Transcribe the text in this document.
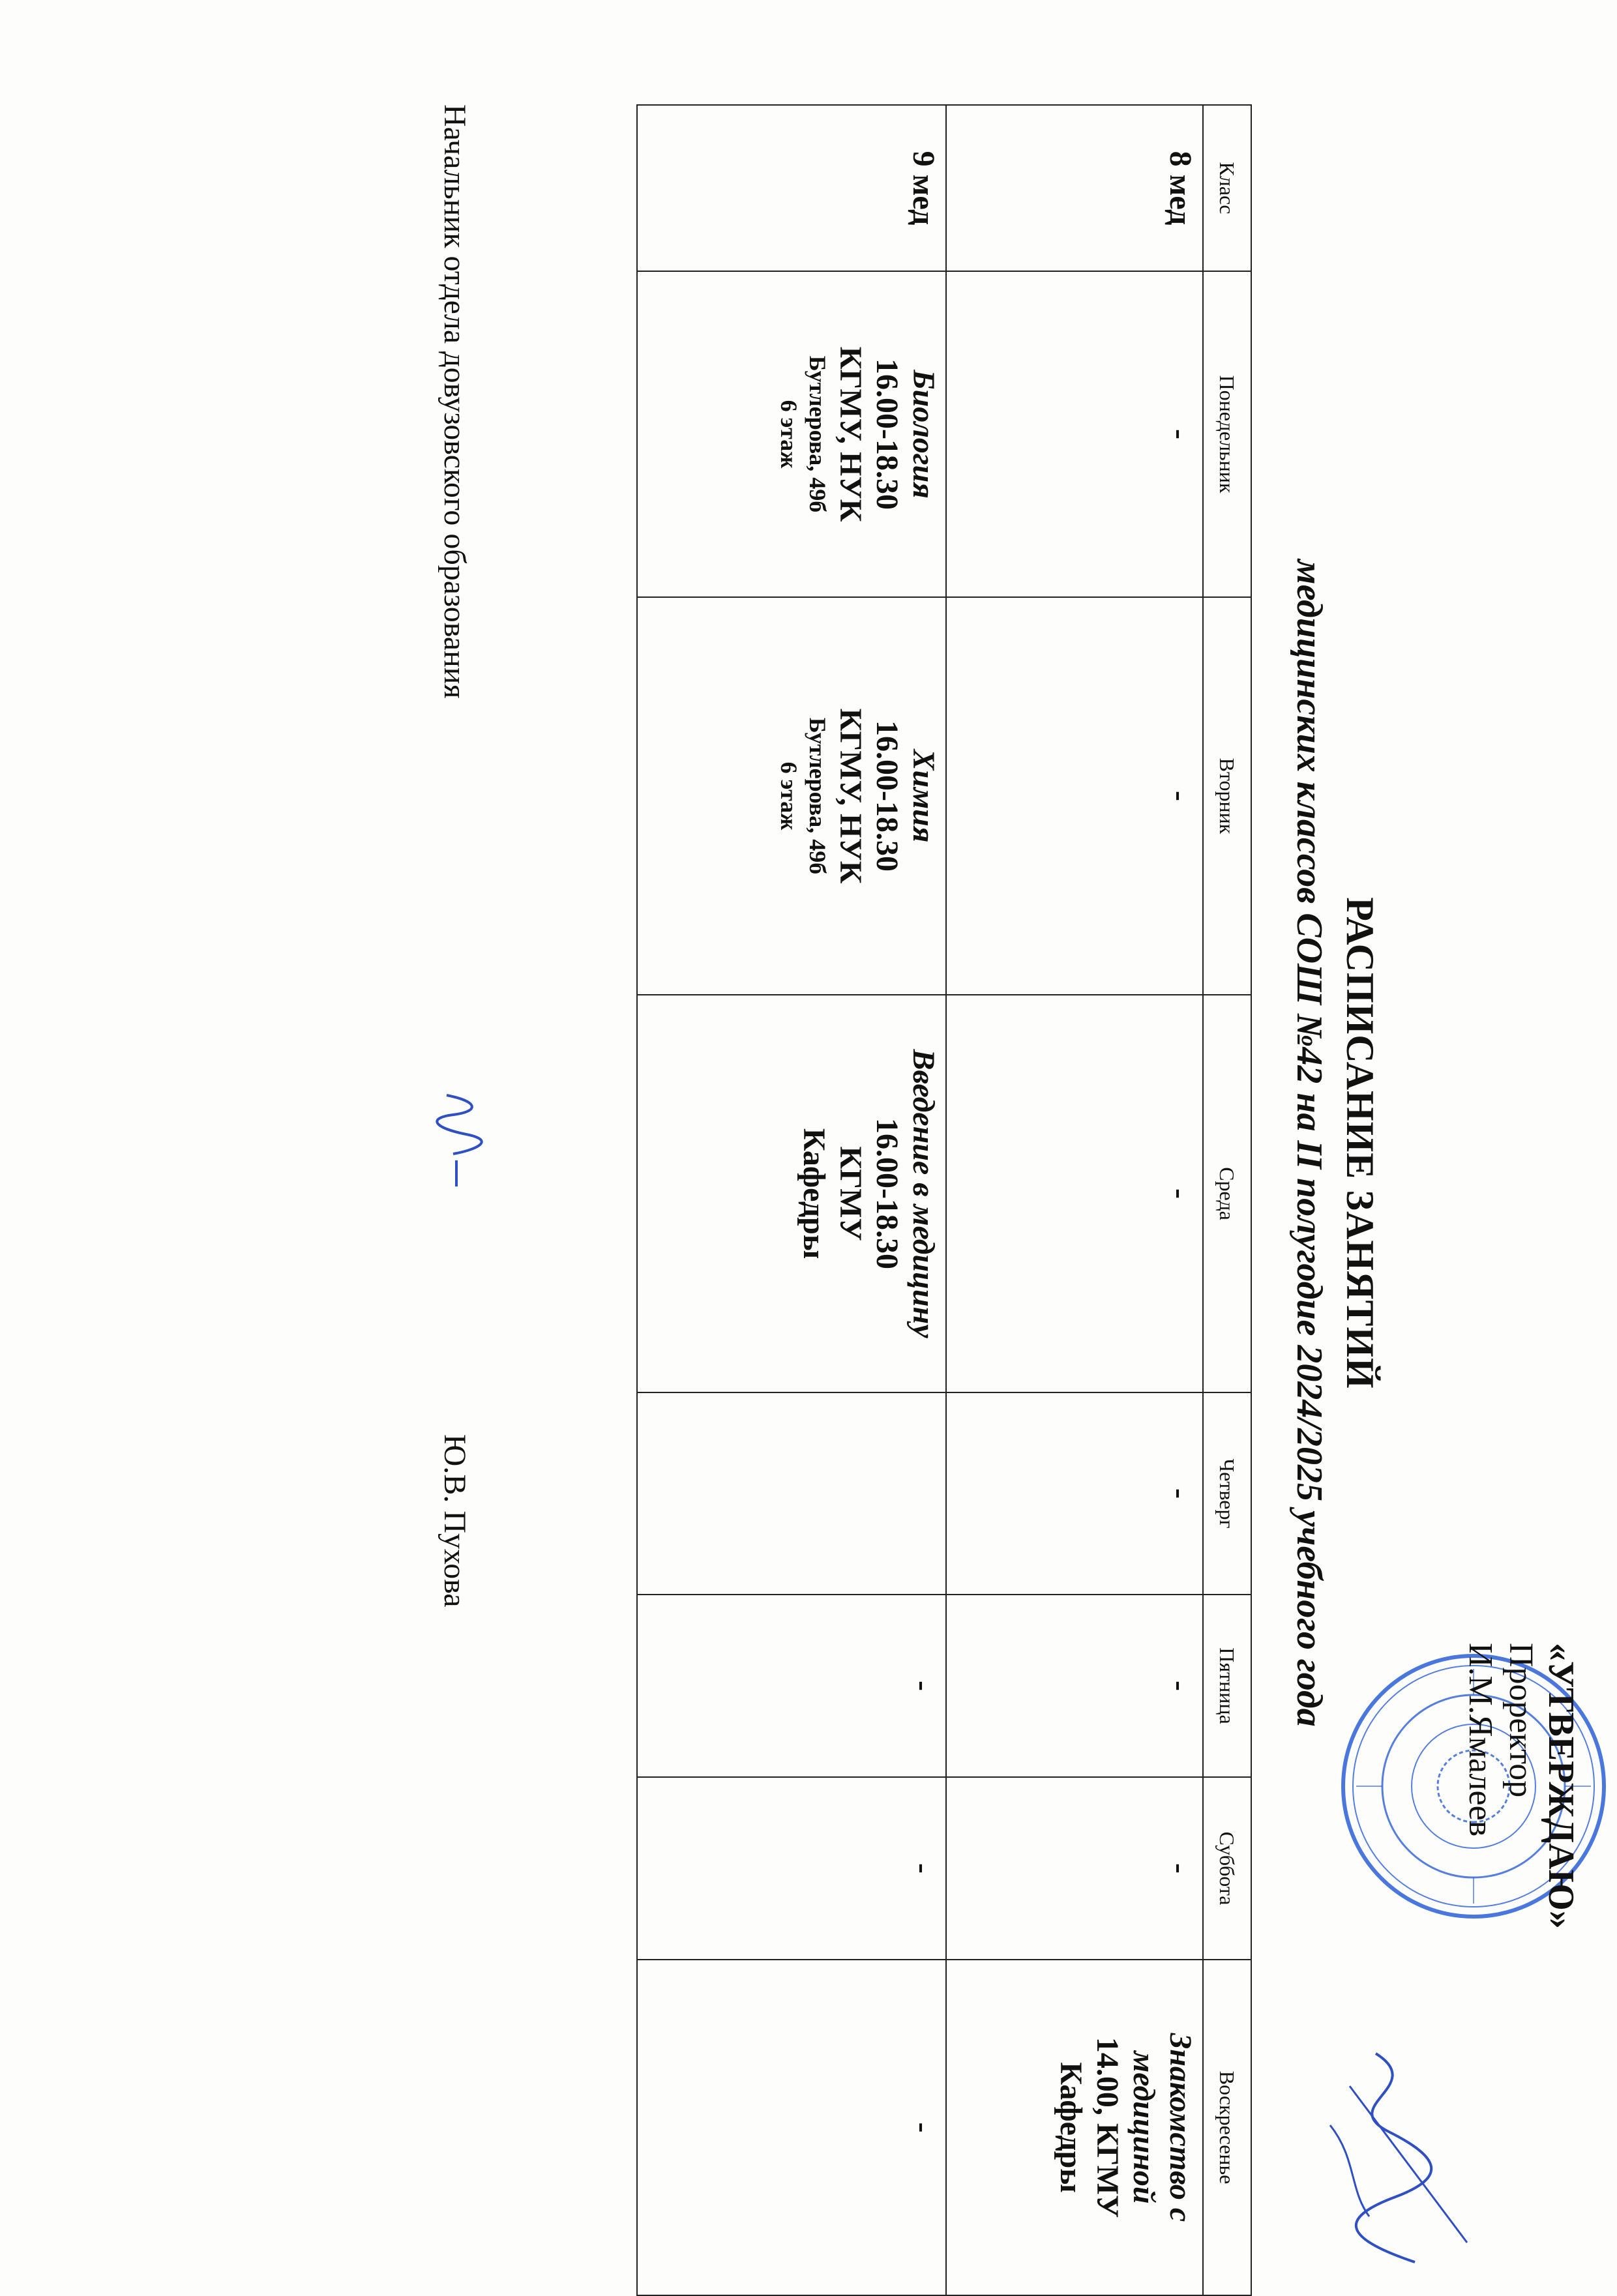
«УТВЕРЖДАЮ»
Проректор
И.М.Ямалеев
РАСПИСАНИЕ ЗАНЯТИЙ
медицинских классов СОШ №42 на II полугодие 2024/2025 учебного года
Класс	Понедельник	Вторник	Среда	Четверг	Пятница	Суббота	Воскресенье
8 мед	-	-	-	-	-	-	Знакомство с медициной
14.00, КГМУ
Кафедры

9 мед	Биология
16.00-18.30
КГМУ, НУК
Бутлерова, 49б
6 этаж	Химия
16.00-18.30
КГМУ, НУК
Бутлерова, 49б
6 этаж	Введение в медицину
16.00-18.30
КГМУ
Кафедры		-	-	-
Начальник отдела довузовского образования
Ю.В. Пухова
